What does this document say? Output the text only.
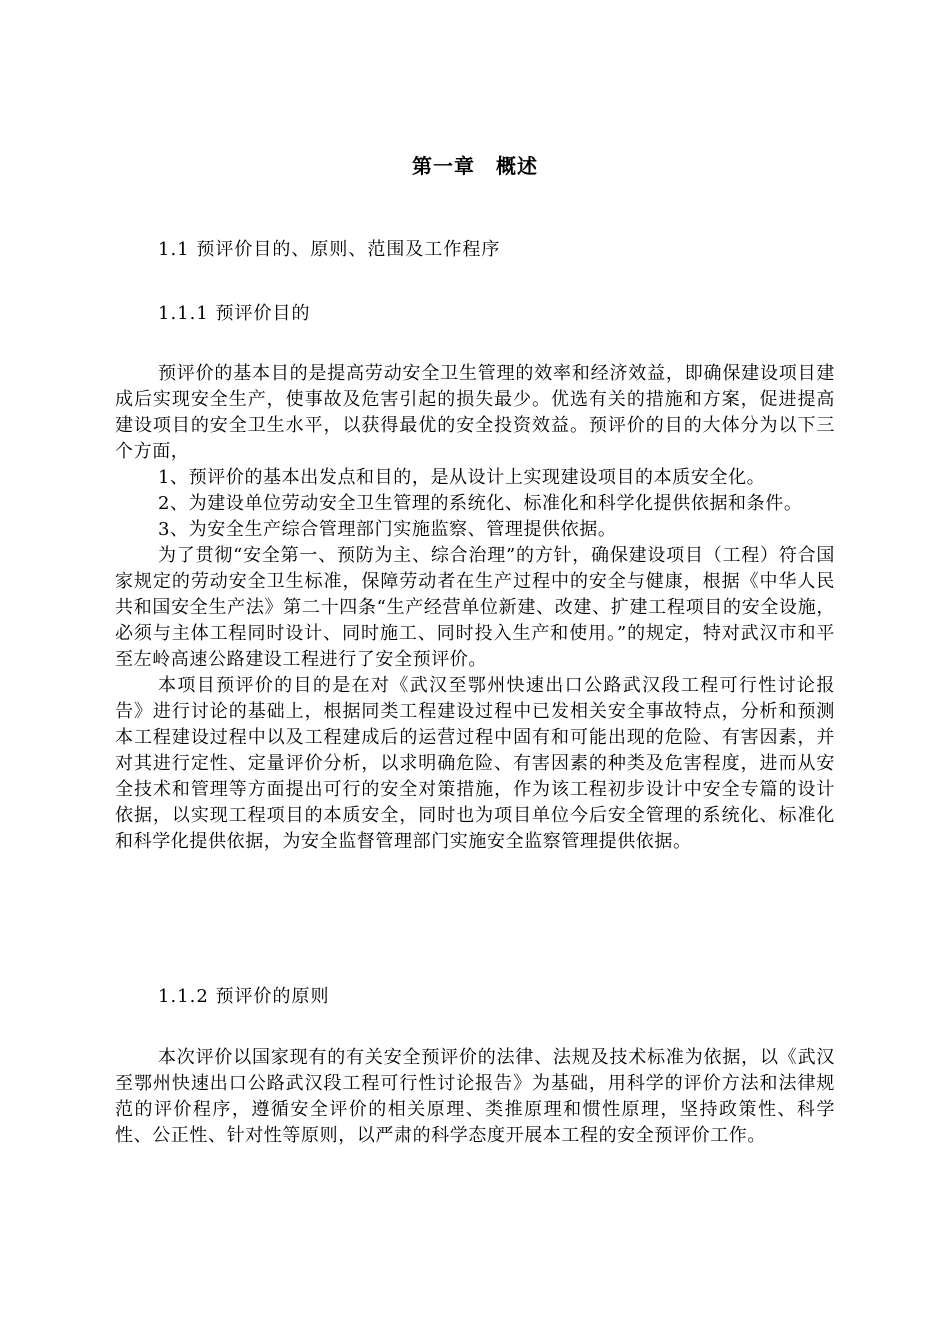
第一章　概述
1.1 预评价目的、原则、范围及工作程序
1.1.1 预评价目的

预评价的基本目的是提高劳动安全卫生管理的效率和经济效益，即确保建设项目建成后实现安全生产，使事故及危害引起的损失最少。优选有关的措施和方案，促进提高建设项目的安全卫生水平，以获得最优的安全投资效益。预评价的目的大体分为以下三个方面，

1、预评价的基本出发点和目的，是从设计上实现建设项目的本质安全化。

2、为建设单位劳动安全卫生管理的系统化、标准化和科学化提供依据和条件。

3、为安全生产综合管理部门实施监察、管理提供依据。

为了贯彻“安全第一、预防为主、综合治理”的方针，确保建设项目（工程）符合国家规定的劳动安全卫生标准，保障劳动者在生产过程中的安全与健康，根据《中华人民共和国安全生产法》第二十四条“生产经营单位新建、改建、扩建工程项目的安全设施，必须与主体工程同时设计、同时施工、同时投入生产和使用。”的规定，特对武汉市和平至左岭高速公路建设工程进行了安全预评价。

本项目预评价的目的是在对《武汉至鄂州快速出口公路武汉段工程可行性讨论报告》进行讨论的基础上，根据同类工程建设过程中已发相关安全事故特点，分析和预测本工程建设过程中以及工程建成后的运营过程中固有和可能出现的危险、有害因素，并对其进行定性、定量评价分析，以求明确危险、有害因素的种类及危害程度，进而从安全技术和管理等方面提出可行的安全对策措施，作为该工程初步设计中安全专篇的设计依据，以实现工程项目的本质安全，同时也为项目单位今后安全管理的系统化、标准化和科学化提供依据，为安全监督管理部门实施安全监察管理提供依据。

1.1.2 预评价的原则

本次评价以国家现有的有关安全预评价的法律、法规及技术标准为依据，以《武汉至鄂州快速出口公路武汉段工程可行性讨论报告》为基础，用科学的评价方法和法律规范的评价程序，遵循安全评价的相关原理、类推原理和惯性原理，坚持政策性、科学性、公正性、针对性等原则，以严肃的科学态度开展本工程的安全预评价工作。
